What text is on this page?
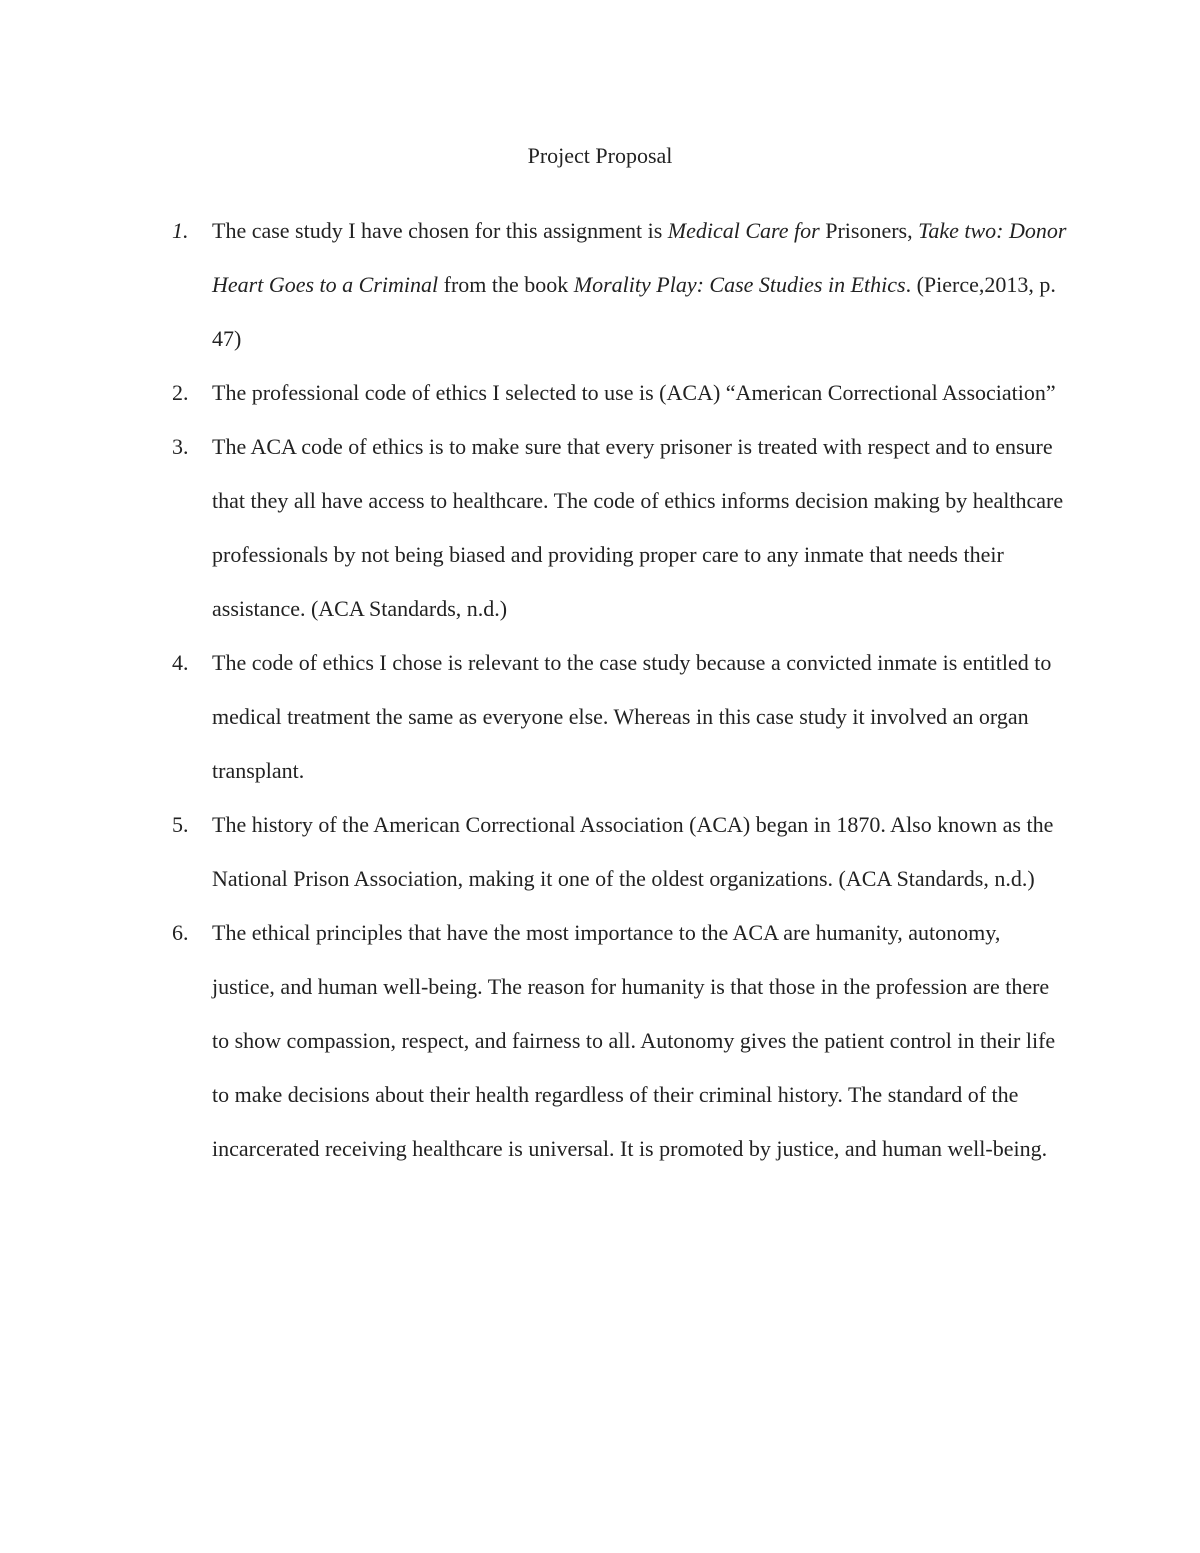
Project Proposal
1. The case study I have chosen for this assignment is Medical Care for Prisoners, Take two: Donor Heart Goes to a Criminal from the book Morality Play: Case Studies in Ethics. (Pierce,2013, p. 47)
2. The professional code of ethics I selected to use is (ACA) “American Correctional Association”
3. The ACA code of ethics is to make sure that every prisoner is treated with respect and to ensure that they all have access to healthcare. The code of ethics informs decision making by healthcare professionals by not being biased and providing proper care to any inmate that needs their assistance. (ACA Standards, n.d.)
4. The code of ethics I chose is relevant to the case study because a convicted inmate is entitled to medical treatment the same as everyone else. Whereas in this case study it involved an organ transplant.
5. The history of the American Correctional Association (ACA) began in 1870. Also known as the National Prison Association, making it one of the oldest organizations. (ACA Standards, n.d.)
6. The ethical principles that have the most importance to the ACA are humanity, autonomy, justice, and human well-being. The reason for humanity is that those in the profession are there to show compassion, respect, and fairness to all. Autonomy gives the patient control in their life to make decisions about their health regardless of their criminal history. The standard of the incarcerated receiving healthcare is universal. It is promoted by justice, and human well-being.
